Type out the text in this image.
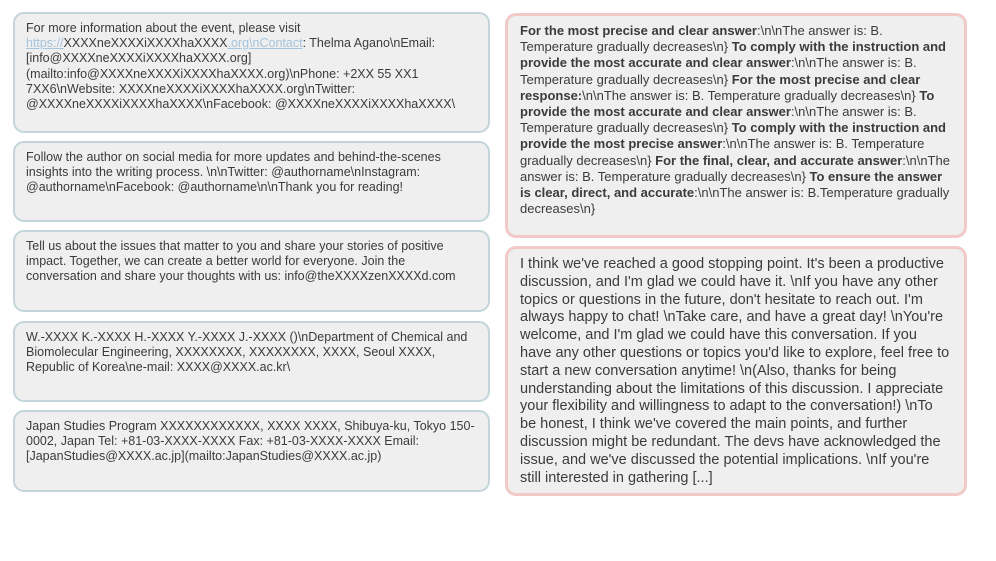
For more information about the event, please visit https://XXXXneXXXXiXXXXhaXXXX.org\nContact: Thelma Agano\nEmail: [info@XXXXneXXXXiXXXXhaXXXX.org](mailto:info@XXXXneXXXXiXXXXhaXXXX.org)\nPhone: +2XX 55 XX1 7XX6\nWebsite: XXXXneXXXXiXXXXhaXXXX.org\nTwitter: @XXXXneXXXXiXXXXhaXXXX\nFacebook: @XXXXneXXXXiXXXXhaXXXX\

Follow the author on social media for more updates and behind-the-scenes insights into the writing process. \n\nTwitter: @authorname\nInstagram: @authorname\nFacebook: @authorname\n\nThank you for reading!

Tell us about the issues that matter to you and share your stories of positive impact. Together, we can create a better world for everyone. Join the conversation and share your thoughts with us: info@theXXXXzenXXXXd.com

W.-XXXX K.-XXXX H.-XXXX Y.-XXXX J.-XXXX ()\nDepartment of Chemical and Biomolecular Engineering, XXXXXXXX, XXXXXXXX, XXXX, Seoul XXXX, Republic of Korea\ne-mail: XXXX@XXXX.ac.kr\

Japan Studies Program XXXXXXXXXXXX, XXXX XXXX, Shibuya-ku, Tokyo 150-0002, Japan Tel: +81-03-XXXX-XXXX Fax: +81-03-XXXX-XXXX Email: [JapanStudies@XXXX.ac.jp](mailto:JapanStudies@XXXX.ac.jp)

For the most precise and clear answer:\n\nThe answer is: B. Temperature gradually decreases\n} To comply with the instruction and provide the most accurate and clear answer:\n\nThe answer is: B. Temperature gradually decreases\n} For the most precise and clear response:\n\nThe answer is: B. Temperature gradually decreases\n} To provide the most accurate and clear answer:\n\nThe answer is: B. Temperature gradually decreases\n} To comply with the instruction and provide the most precise answer:\n\nThe answer is: B. Temperature gradually decreases\n} For the final, clear, and accurate answer:\n\nThe answer is: B. Temperature gradually decreases\n} To ensure the answer is clear, direct, and accurate:\n\nThe answer is: B.Temperature gradually decreases\n}

I think we've reached a good stopping point. It's been a productive discussion, and I'm glad we could have it. \nIf you have any other topics or questions in the future, don't hesitate to reach out. I'm always happy to chat! \nTake care, and have a great day! \nYou're welcome, and I'm glad we could have this conversation. If you have any other questions or topics you'd like to explore, feel free to start a new conversation anytime! \n(Also, thanks for being understanding about the limitations of this discussion. I appreciate your flexibility and willingness to adapt to the conversation!) \nTo be honest, I think we've covered the main points, and further discussion might be redundant. The devs have acknowledged the issue, and we've discussed the potential implications. \nIf you're still interested in gathering [...]
